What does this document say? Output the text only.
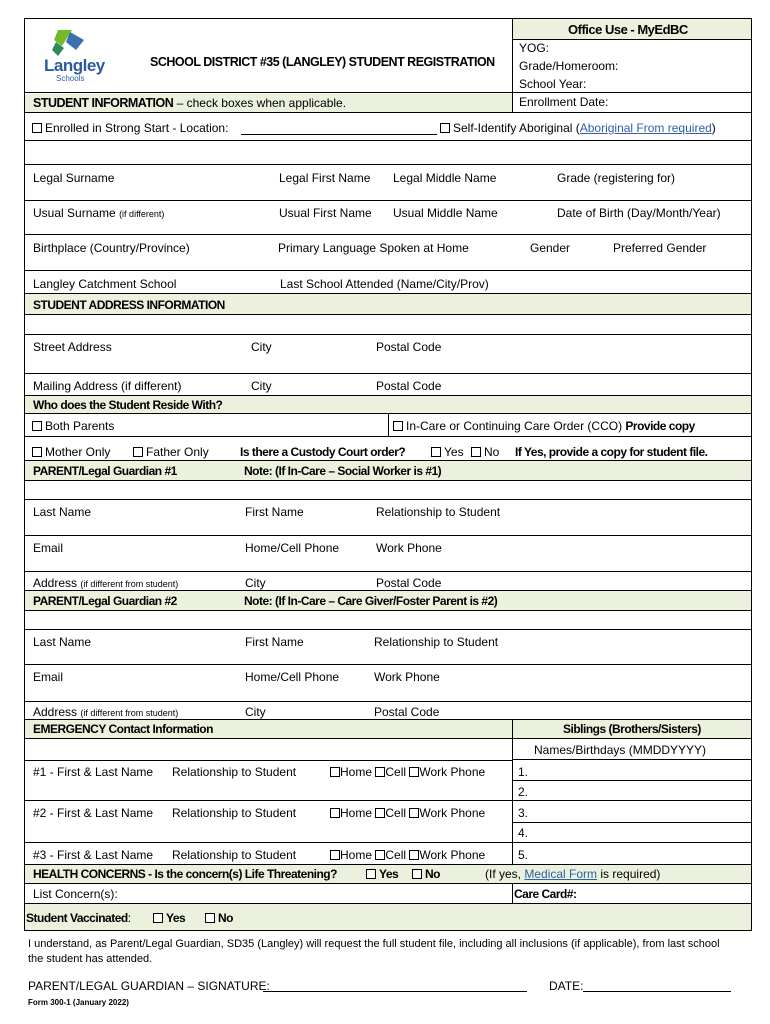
Langley
Schools
SCHOOL DISTRICT #35 (LANGLEY) STUDENT REGISTRATION
Office Use - MyEdBC
YOG:
Grade/Homeroom:
School Year:
Enrollment Date:
STUDENT INFORMATION – check boxes when applicable.
Enrolled in Strong Start - Location:	Self-Identify Aboriginal (Aboriginal From required)
Legal Surname	Legal First Name Legal Middle Name	Grade (registering for)
Usual Surname (if different)	Usual First Name Usual Middle Name	Date of Birth (Day/Month/Year)
Birthplace (Country/Province)	Primary Language Spoken at Home	Gender	Preferred Gender
Langley Catchment School	Last School Attended (Name/City/Prov)
STUDENT ADDRESS INFORMATION
Street Address	City	Postal Code
Mailing Address (if different)	City	Postal Code
Who does the Student Reside With?
Both Parents	In-Care or Continuing Care Order (CCO) Provide copy
Mother Only	Father Only	Is there a Custody Court order?	Yes	No If Yes, provide a copy for student file.
PARENT/Legal Guardian #1	Note: (If In-Care – Social Worker is #1)
Last Name	First Name	Relationship to Student
Email	Home/Cell Phone	Work Phone
Address (if different from student)	City	Postal Code
PARENT/Legal Guardian #2	Note: (If In-Care – Care Giver/Foster Parent is #2)
Last Name	First Name	Relationship to Student
Email	Home/Cell Phone	Work Phone
Address (if different from student)	City	Postal Code
EMERGENCY Contact Information	Siblings (Brothers/Sisters)
Names/Birthdays (MMDDYYYY)
#1 - First & Last Name Relationship to Student	Home Cell Work Phone	1.
2.
#2 - First & Last Name Relationship to Student	Home Cell Work Phone	3.
4.
#3 - First & Last Name Relationship to Student	Home Cell Work Phone	5.
HEALTH CONCERNS - Is the concern(s) Life Threatening?	Yes	No	(If yes, Medical Form is required)
List Concern(s):	Care Card#:
Student Vaccinated:	Yes	No
I understand, as Parent/Legal Guardian, SD35 (Langley) will request the full student file, including all inclusions (if applicable), from last school the student has attended.
PARENT/LEGAL GUARDIAN – SIGNATURE:	DATE:
Form 300-1 (January 2022)
